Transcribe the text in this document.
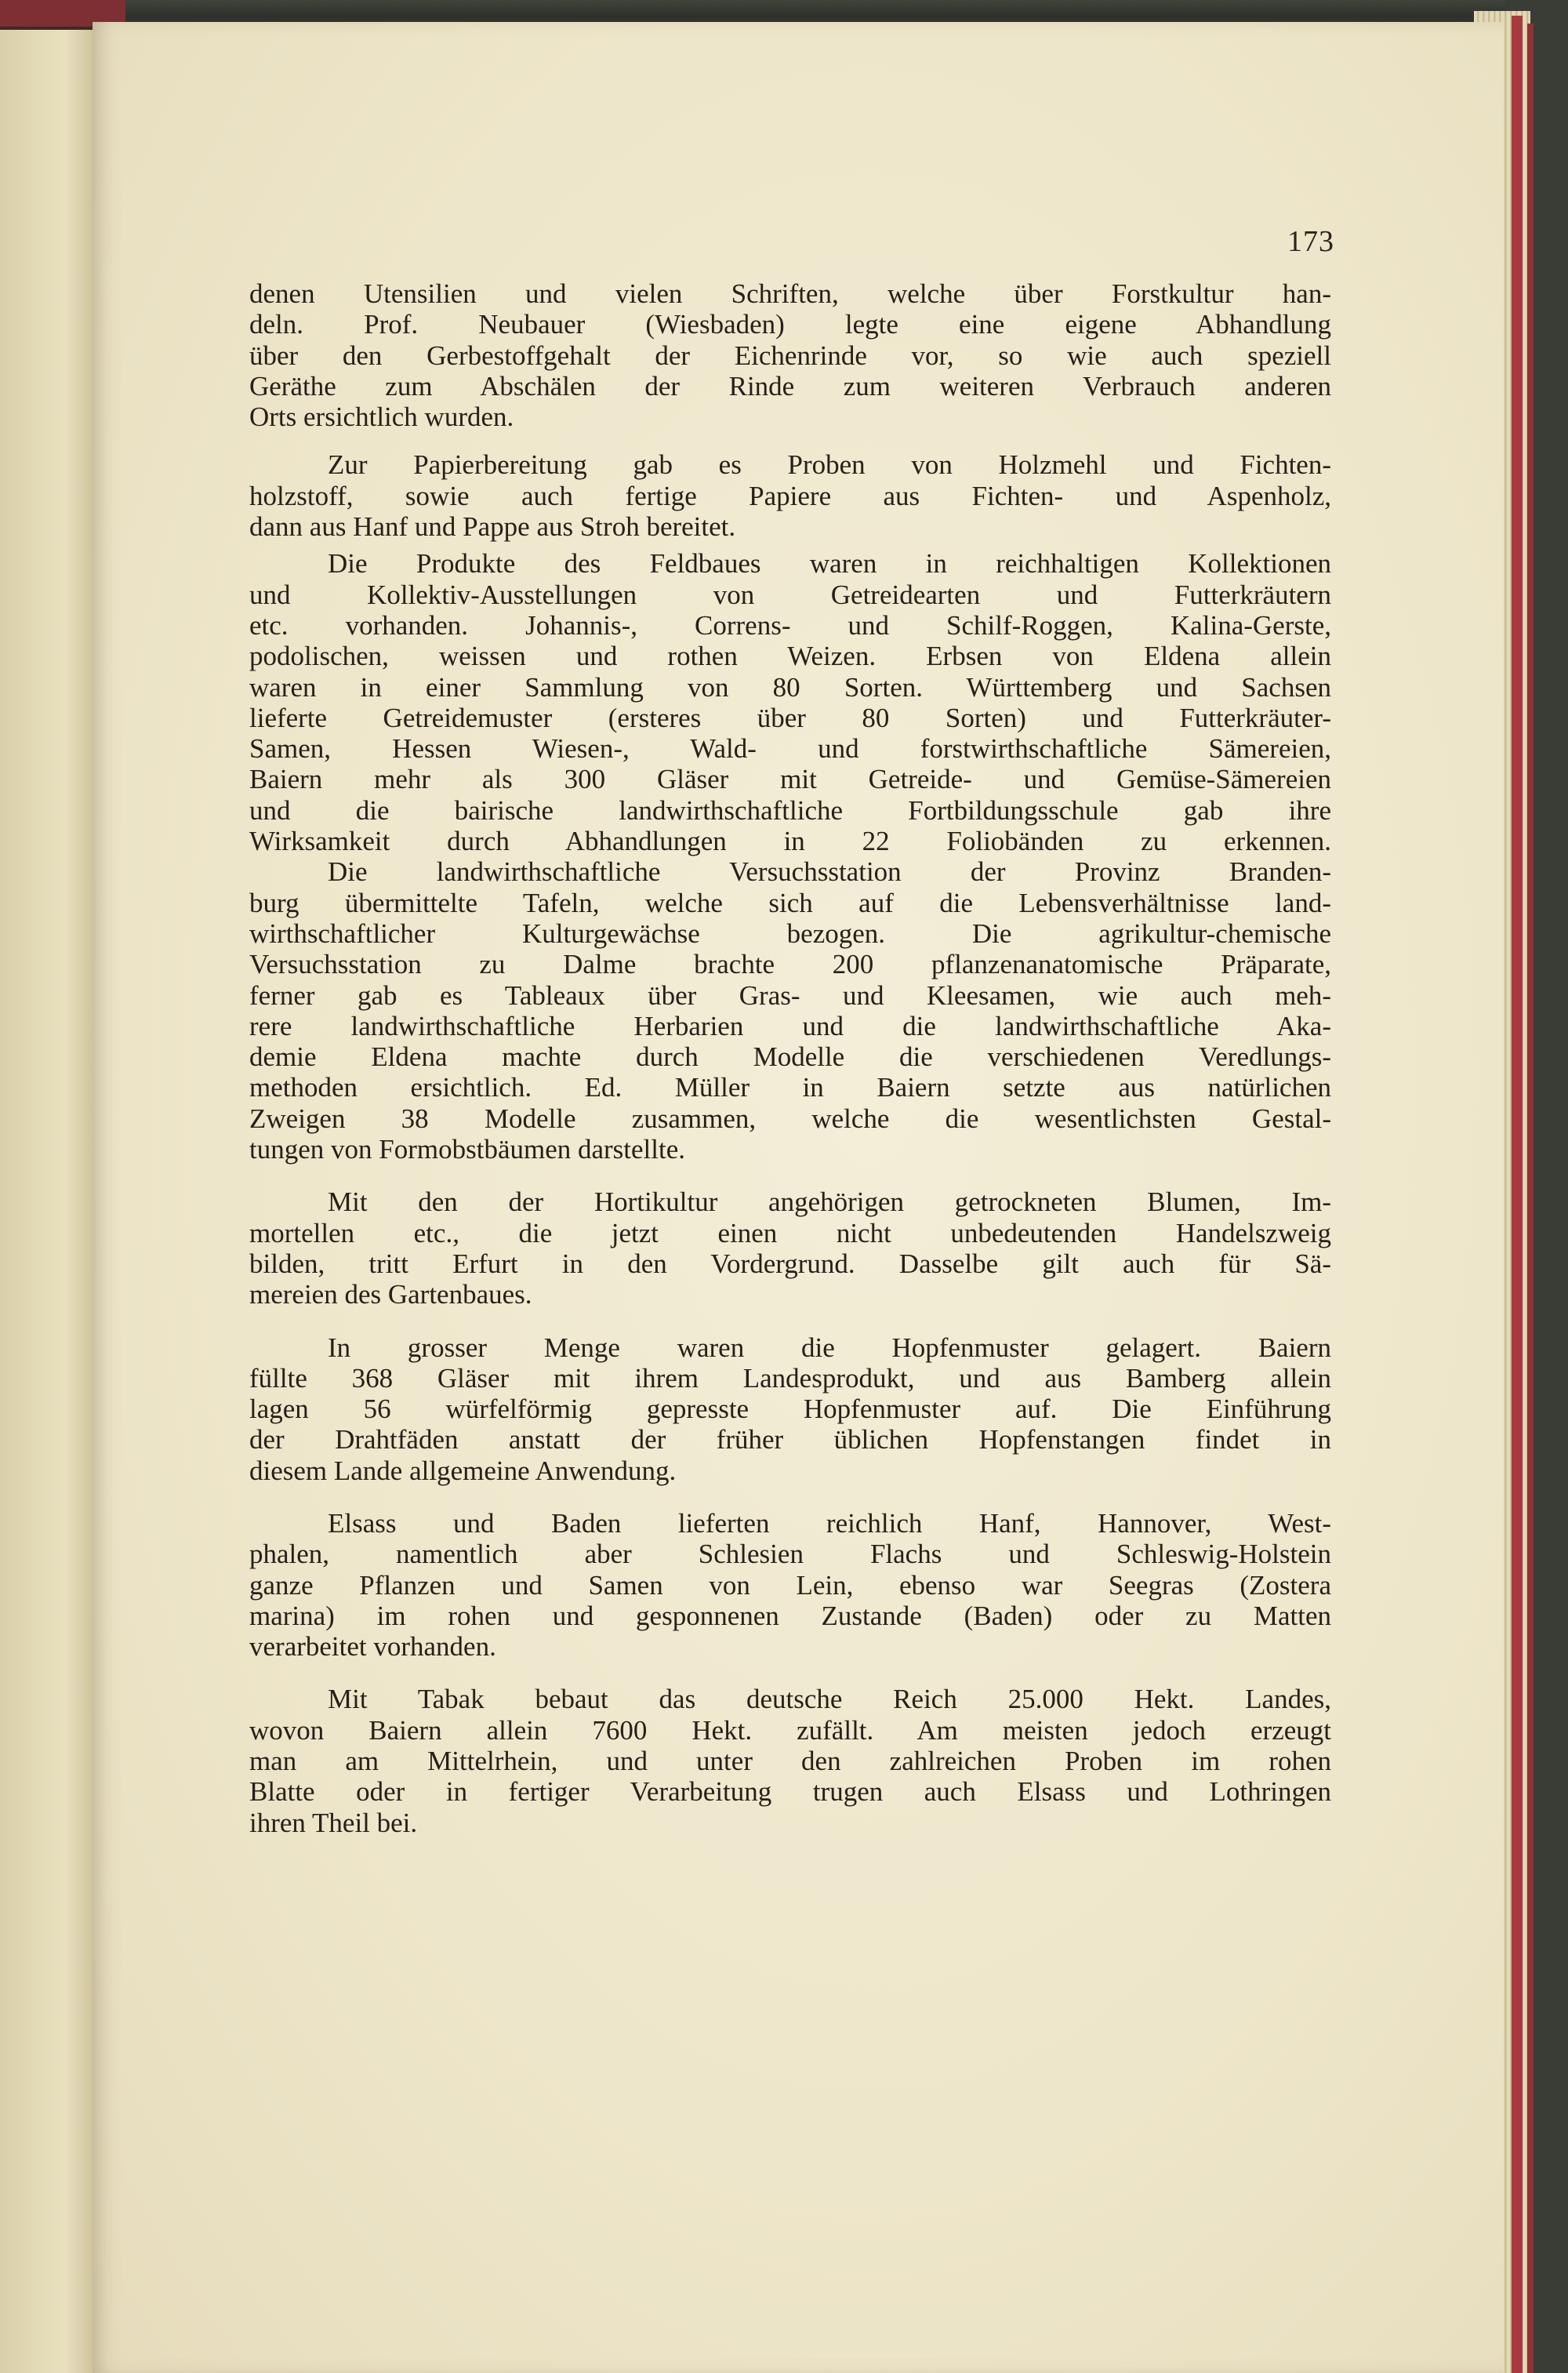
173
denen Utensilien und vielen Schriften, welche über Forstkultur han-
deln. Prof. Neubauer (Wiesbaden) legte eine eigene Abhandlung
über den Gerbestoffgehalt der Eichenrinde vor, so wie auch speziell
Geräthe zum Abschälen der Rinde zum weiteren Verbrauch anderen
Orts ersichtlich wurden.
Zur Papierbereitung gab es Proben von Holzmehl und Fichten-
holzstoff, sowie auch fertige Papiere aus Fichten- und Aspenholz,
dann aus Hanf und Pappe aus Stroh bereitet.
Die Produkte des Feldbaues waren in reichhaltigen Kollektionen
und Kollektiv-Ausstellungen von Getreidearten und Futterkräutern
etc. vorhanden. Johannis-, Correns- und Schilf-Roggen, Kalina-Gerste,
podolischen, weissen und rothen Weizen. Erbsen von Eldena allein
waren in einer Sammlung von 80 Sorten. Württemberg und Sachsen
lieferte Getreidemuster (ersteres über 80 Sorten) und Futterkräuter-
Samen, Hessen Wiesen-, Wald- und forstwirthschaftliche Sämereien,
Baiern mehr als 300 Gläser mit Getreide- und Gemüse-Sämereien
und die bairische landwirthschaftliche Fortbildungsschule gab ihre
Wirksamkeit durch Abhandlungen in 22 Foliobänden zu erkennen.
Die landwirthschaftliche Versuchsstation der Provinz Branden-
burg übermittelte Tafeln, welche sich auf die Lebensverhältnisse land-
wirthschaftlicher Kulturgewächse bezogen. Die agrikultur-chemische
Versuchsstation zu Dalme brachte 200 pflanzenanatomische Präparate,
ferner gab es Tableaux über Gras- und Kleesamen, wie auch meh-
rere landwirthschaftliche Herbarien und die landwirthschaftliche Aka-
demie Eldena machte durch Modelle die verschiedenen Veredlungs-
methoden ersichtlich. Ed. Müller in Baiern setzte aus natürlichen
Zweigen 38 Modelle zusammen, welche die wesentlichsten Gestal-
tungen von Formobstbäumen darstellte.
Mit den der Hortikultur angehörigen getrockneten Blumen, Im-
mortellen etc., die jetzt einen nicht unbedeutenden Handelszweig
bilden, tritt Erfurt in den Vordergrund. Dasselbe gilt auch für Sä-
mereien des Gartenbaues.
In grosser Menge waren die Hopfenmuster gelagert. Baiern
füllte 368 Gläser mit ihrem Landesprodukt, und aus Bamberg allein
lagen 56 würfelförmig gepresste Hopfenmuster auf. Die Einführung
der Drahtfäden anstatt der früher üblichen Hopfenstangen findet in
diesem Lande allgemeine Anwendung.
Elsass und Baden lieferten reichlich Hanf, Hannover, West-
phalen, namentlich aber Schlesien Flachs und Schleswig-Holstein
ganze Pflanzen und Samen von Lein, ebenso war Seegras (Zostera
marina) im rohen und gesponnenen Zustande (Baden) oder zu Matten
verarbeitet vorhanden.
Mit Tabak bebaut das deutsche Reich 25.000 Hekt. Landes,
wovon Baiern allein 7600 Hekt. zufällt. Am meisten jedoch erzeugt
man am Mittelrhein, und unter den zahlreichen Proben im rohen
Blatte oder in fertiger Verarbeitung trugen auch Elsass und Lothringen
ihren Theil bei.
